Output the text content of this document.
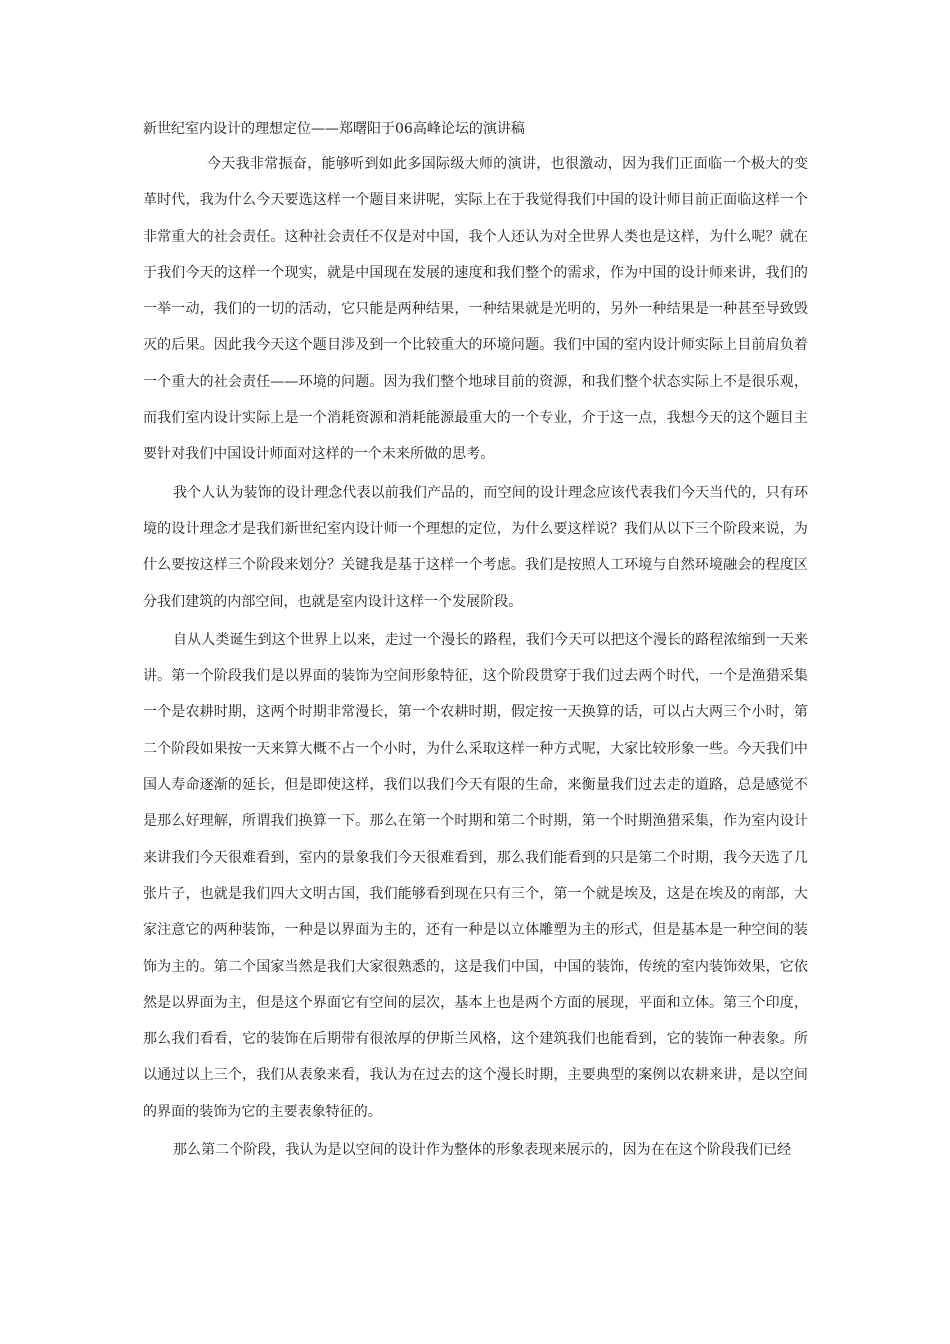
新世纪室内设计的理想定位——郑曙阳于06高峰论坛的演讲稿

今天我非常振奋，能够听到如此多国际级大师的演讲，也很激动，因为我们正面临一个极大的变革时代，我为什么今天要选这样一个题目来讲呢，实际上在于我觉得我们中国的设计师目前正面临这样一个非常重大的社会责任。这种社会责任不仅是对中国，我个人还认为对全世界人类也是这样，为什么呢？就在于我们今天的这样一个现实，就是中国现在发展的速度和我们整个的需求，作为中国的设计师来讲，我们的一举一动，我们的一切的活动，它只能是两种结果，一种结果就是光明的，另外一种结果是一种甚至导致毁灭的后果。因此我今天这个题目涉及到一个比较重大的环境问题。我们中国的室内设计师实际上目前肩负着一个重大的社会责任——环境的问题。因为我们整个地球目前的资源，和我们整个状态实际上不是很乐观，而我们室内设计实际上是一个消耗资源和消耗能源最重大的一个专业，介于这一点，我想今天的这个题目主要针对我们中国设计师面对这样的一个未来所做的思考。

我个人认为装饰的设计理念代表以前我们产品的，而空间的设计理念应该代表我们今天当代的，只有环境的设计理念才是我们新世纪室内设计师一个理想的定位，为什么要这样说？我们从以下三个阶段来说，为什么要按这样三个阶段来划分？关键我是基于这样一个考虑。我们是按照人工环境与自然环境融会的程度区分我们建筑的内部空间，也就是室内设计这样一个发展阶段。

自从人类诞生到这个世界上以来，走过一个漫长的路程，我们今天可以把这个漫长的路程浓缩到一天来讲。第一个阶段我们是以界面的装饰为空间形象特征，这个阶段贯穿于我们过去两个时代，一个是渔猎采集一个是农耕时期，这两个时期非常漫长，第一个农耕时期，假定按一天换算的话，可以占大两三个小时，第二个阶段如果按一天来算大概不占一个小时，为什么采取这样一种方式呢，大家比较形象一些。今天我们中国人寿命逐渐的延长，但是即使这样，我们以我们今天有限的生命，来衡量我们过去走的道路，总是感觉不是那么好理解，所谓我们换算一下。那么在第一个时期和第二个时期，第一个时期渔猎采集，作为室内设计来讲我们今天很难看到，室内的景象我们今天很难看到，那么我们能看到的只是第二个时期，我今天选了几张片子，也就是我们四大文明古国，我们能够看到现在只有三个，第一个就是埃及，这是在埃及的南部，大家注意它的两种装饰，一种是以界面为主的，还有一种是以立体雕塑为主的形式，但是基本是一种空间的装饰为主的。第二个国家当然是我们大家很熟悉的，这是我们中国，中国的装饰，传统的室内装饰效果，它依然是以界面为主，但是这个界面它有空间的层次，基本上也是两个方面的展现，平面和立体。第三个印度，那么我们看看，它的装饰在后期带有很浓厚的伊斯兰风格，这个建筑我们也能看到，它的装饰一种表象。所以通过以上三个，我们从表象来看，我认为在过去的这个漫长时期，主要典型的案例以农耕来讲，是以空间的界面的装饰为它的主要表象特征的。

那么第二个阶段，我认为是以空间的设计作为整体的形象表现来展示的，因为在在这个阶段我们已经
